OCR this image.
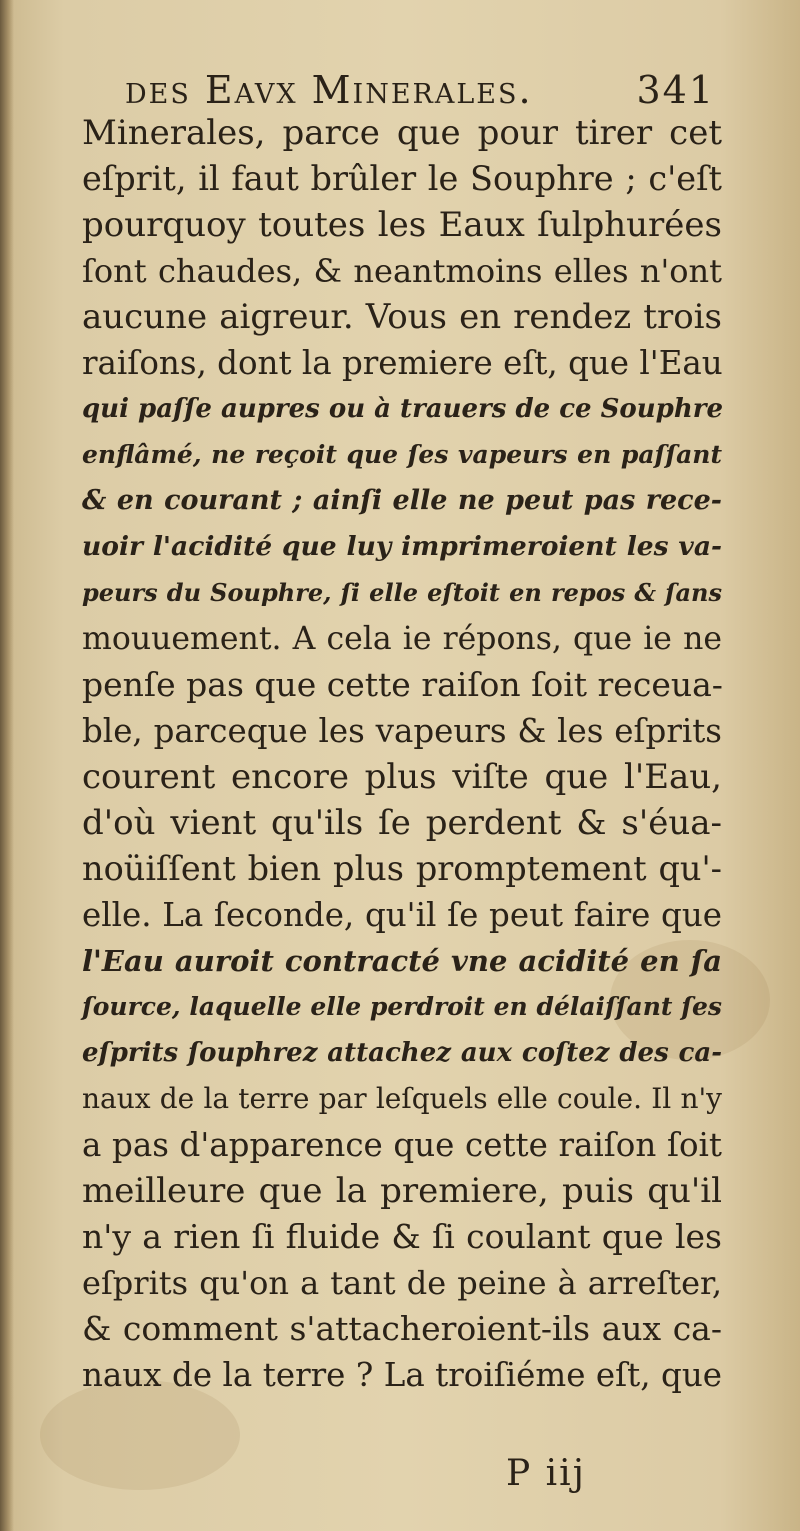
des Eavx Minerales.	341
Minerales, parce que pour tirer cet
eſprit, il faut brûler le Souphre ; c'eſt
pourquoy toutes les Eaux ſulphurées
ſont chaudes, & neantmoins elles n'ont
aucune aigreur. Vous en rendez trois
raiſons, dont la premiere eſt, que l'Eau
qui paſſe aupres ou à trauers de ce Souphre
enflâmé, ne reçoit que ſes vapeurs en paſſant
& en courant ; ainſi elle ne peut pas rece-
uoir l'acidité que luy imprimeroient les va-
peurs du Souphre, ſi elle eſtoit en repos & ſans
mouuement. A cela ie répons, que ie ne
penſe pas que cette raiſon ſoit receua-
ble, parceque les vapeurs & les eſprits
courent encore plus viſte que l'Eau,
d'où vient qu'ils ſe perdent & s'éua-
noüiſſent bien plus promptement qu'-
elle. La ſeconde, qu'il ſe peut faire que
l'Eau auroit contracté vne acidité en ſa
ſource, laquelle elle perdroit en délaiſſant ſes
eſprits ſouphrez attachez aux coſtez des ca-
naux de la terre par leſquels elle coule. Il n'y
a pas d'apparence que cette raiſon ſoit
meilleure que la premiere, puis qu'il
n'y a rien ſi fluide & ſi coulant que les
eſprits qu'on a tant de peine à arreſter,
& comment s'attacheroient-ils aux ca-
naux de la terre ? La troiſiéme eſt, que
P iij
